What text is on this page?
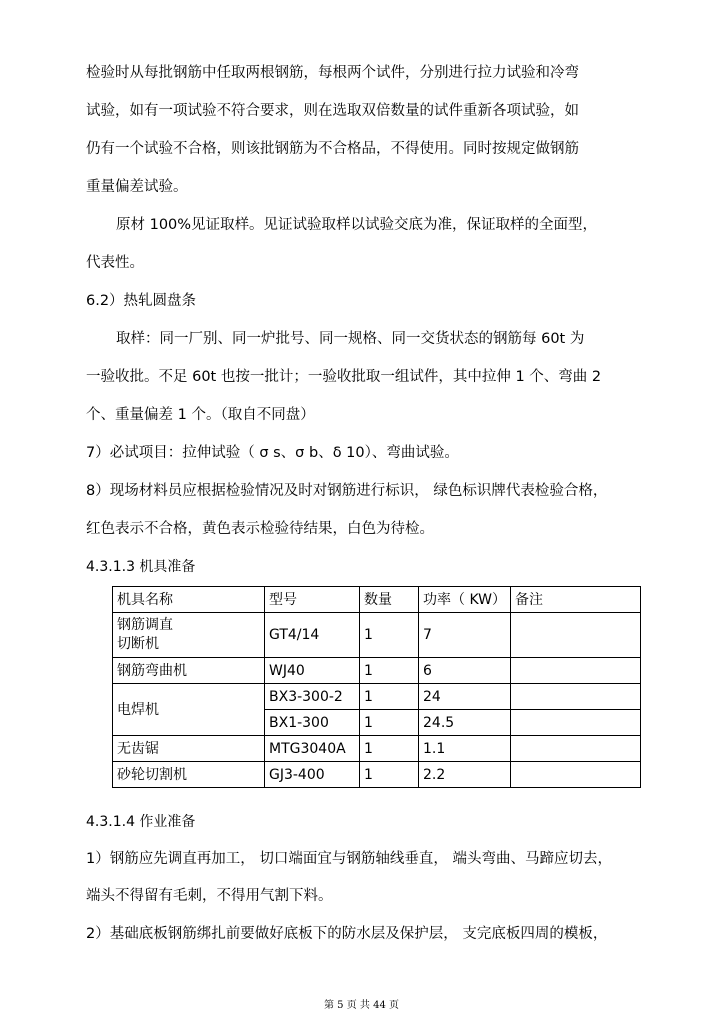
检验时从每批钢筋中任取两根钢筋，每根两个试件，分别进行拉力试验和冷弯
试验，如有一项试验不符合要求，则在选取双倍数量的试件重新各项试验，如
仍有一个试验不合格，则该批钢筋为不合格品，不得使用。同时按规定做钢筋
重量偏差试验。
原材 100%见证取样。见证试验取样以试验交底为准，保证取样的全面型，
代表性。
6.2）热轧圆盘条
取样：同一厂别、同一炉批号、同一规格、同一交货状态的钢筋每 60t 为
一验收批。不足 60t 也按一批计；一验收批取一组试件，其中拉伸 1 个、弯曲 2
个、重量偏差 1 个。（取自不同盘）
7）必试项目：拉伸试验（ σ s、σ b、δ 10）、弯曲试验。
8）现场材料员应根据检验情况及时对钢筋进行标识， 绿色标识牌代表检验合格，
红色表示不合格，黄色表示检验待结果，白色为待检。
4.3.1.3 机具准备
机具名称	型号	数量	功率（ KW）	备注

钢筋调直
切断机	GT4/14	1	7	
钢筋弯曲机	WJ40	1	6	
电焊机	BX3-300-2	1	24	
	BX1-300	1	24.5	
无齿锯	MTG3040A	1	1.1	
砂轮切割机	GJ3-400	1	2.2	
4.3.1.4 作业准备
1）钢筋应先调直再加工， 切口端面宜与钢筋轴线垂直， 端头弯曲、马蹄应切去，
端头不得留有毛刺，不得用气割下料。
2）基础底板钢筋绑扎前要做好底板下的防水层及保护层， 支完底板四周的模板，
第 5 页 共 44 页
